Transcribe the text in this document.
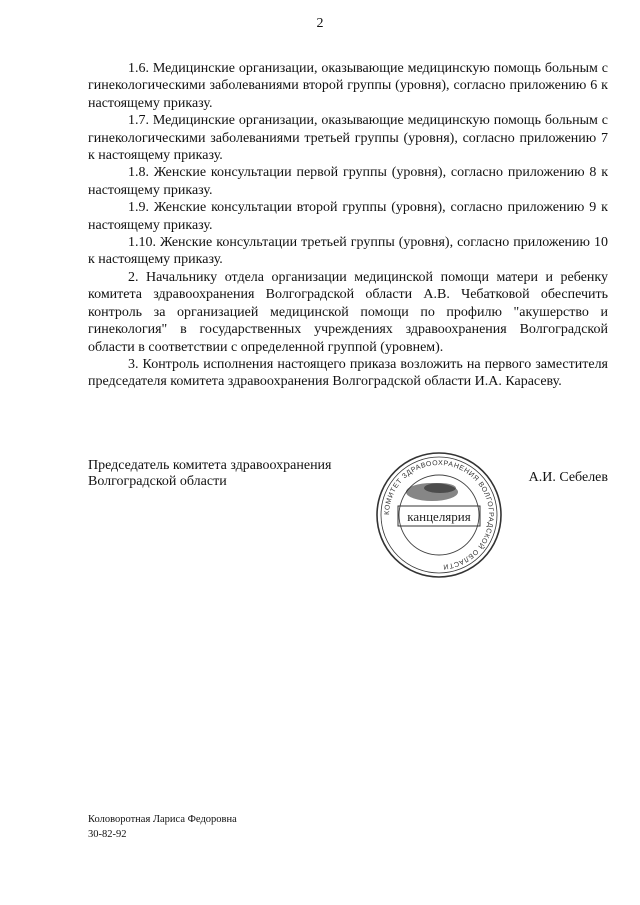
2

1.6. Медицинские организации, оказывающие медицинскую помощь больным с гинекологическими заболеваниями второй группы (уровня), согласно приложению 6 к настоящему приказу.

1.7. Медицинские организации, оказывающие медицинскую помощь больным с гинекологическими заболеваниями третьей группы (уровня), согласно приложению 7 к настоящему приказу.

1.8. Женские консультации первой группы (уровня), согласно приложению 8 к настоящему приказу.

1.9. Женские консультации второй группы (уровня), согласно приложению 9 к настоящему приказу.

1.10. Женские консультации третьей группы (уровня), согласно приложению 10 к настоящему приказу.

2. Начальнику отдела организации медицинской помощи матери и ребенку комитета здравоохранения Волгоградской области А.В. Чебатковой обеспечить контроль за организацией медицинской помощи по профилю "акушерство и гинекология" в государственных учреждениях здравоохранения Волгоградской области в соответствии с определенной группой (уровнем).

3. Контроль исполнения настоящего приказа возложить на первого заместителя председателя комитета здравоохранения Волгоградской области И.А. Карасеву.

Председатель комитета здравоохранения
Волгоградской области
КОМИТЕТ ЗДРАВООХРАНЕНИЯ ВОЛГОГРАДСКОЙ ОБЛАСТИ
канцелярия
А.И. Себелев
Коловоротная Лариса Федоровна
30-82-92
